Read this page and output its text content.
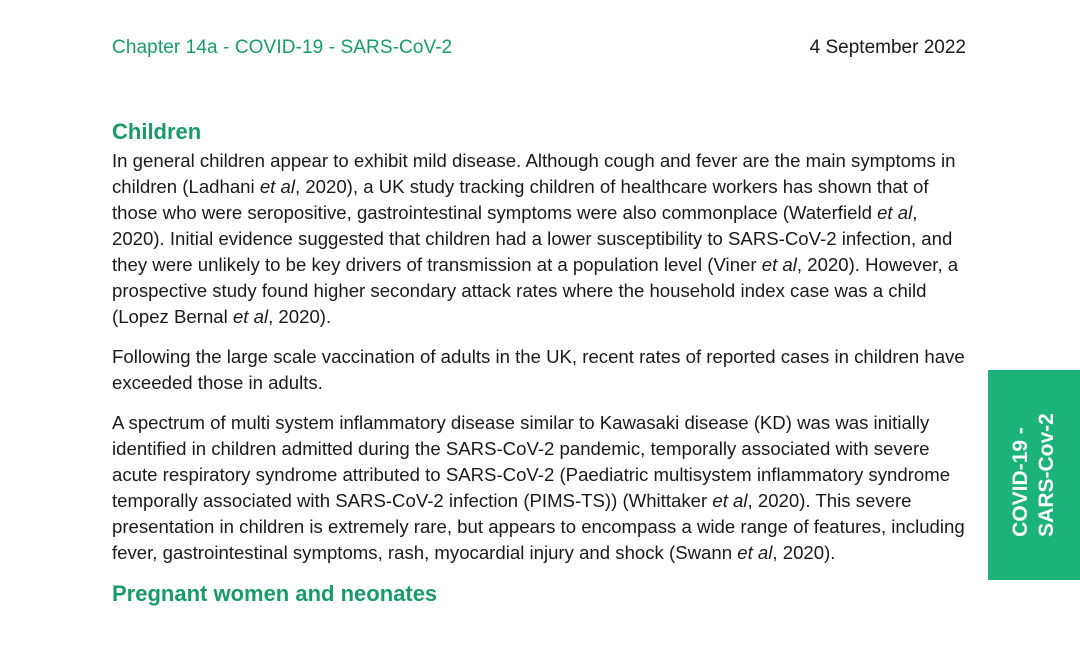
Chapter 14a - COVID-19 - SARS-CoV-2	4 September 2022
Children

In general children appear to exhibit mild disease. Although cough and fever are the main symptoms in children (Ladhani et al, 2020), a UK study tracking children of healthcare workers has shown that of those who were seropositive, gastrointestinal symptoms were also commonplace (Waterfield et al, 2020). Initial evidence suggested that children had a lower susceptibility to SARS-CoV-2 infection, and they were unlikely to be key drivers of transmission at a population level (Viner et al, 2020). However, a prospective study found higher secondary attack rates where the household index case was a child (Lopez Bernal et al, 2020).

Following the large scale vaccination of adults in the UK, recent rates of reported cases in children have exceeded those in adults.

A spectrum of multi system inflammatory disease similar to Kawasaki disease (KD) was was initially identified in children admitted during the SARS-CoV-2 pandemic, temporally associated with severe acute respiratory syndrome attributed to SARS-CoV-2 (Paediatric multisystem inflammatory syndrome temporally associated with SARS-CoV-2 infection (PIMS-TS)) (Whittaker et al, 2020). This severe presentation in children is extremely rare, but appears to encompass a wide range of features, including fever, gastrointestinal symptoms, rash, myocardial injury and shock (Swann et al, 2020).

Pregnant women and neonates
COVID-19 - SARS-Cov-2
